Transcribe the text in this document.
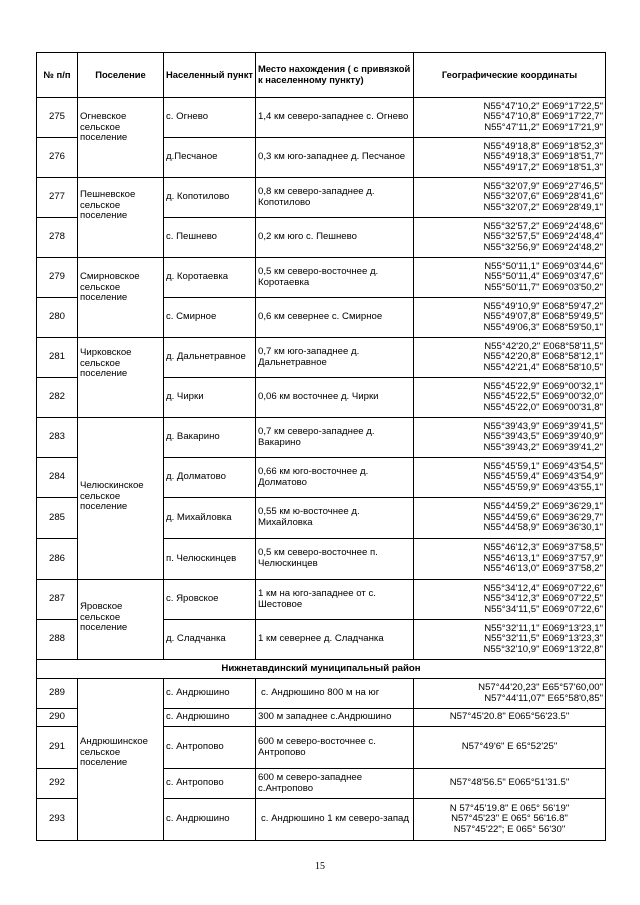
№ п/п	Поселение	Населенный пункт	Место нахождения ( с привязкой к населенному пункту)	Географические координаты
275	Огневское сельское поселение	с. Огнево	1,4 км северо-западнее с. Огнево	N55°47'10,2" E069°17'22,5"
N55°47'10,8" E069°17'22,7"
N55°47'11,2" E069°17'21,9"
276		д.Песчаное	0,3 км юго-западнее д. Песчаное	N55°49'18,8" E069°18'52,3"
N55°49'18,3" E069°18'51,7"
N55°49'17,2" E069°18'51,3"
277	Пешневское сельское поселение	д. Копотилово	0,8 км северо-западнее д. Копотилово	N55°32'07,9" E069°27'46,5"
N55°32'07,6" E069°28'41,6"
N55°32'07,2" E069°28'49,1"
278		с. Пешнево	0,2 км юго с. Пешнево	N55°32'57,2" E069°24'48,6"
N55°32'57,5" E069°24'48,4"
N55°32'56,9" E069°24'48,2"
279	Смирновское сельское поселение	д. Коротаевка	0,5 км северо-восточнее д. Коротаевка	N55°50'11,1" E069°03'44,6"
N55°50'11,4" E069°03'47,6"
N55°50'11,7" E069°03'50,2"
280		с. Смирное	0,6 км севернее с. Смирное	N55°49'10,9" E068°59'47,2"
N55°49'07,8" E068°59'49,5"
N55°49'06,3" E068°59'50,1"
281	Чирковское сельское поселение	д. Дальнетравное	0,7 км юго-западнее д. Дальнетравное	N55°42'20,2" E068°58'11,5"
N55°42'20,8" E068°58'12,1"
N55°42'21,4" E068°58'10,5"
282		д. Чирки	0,06 км восточнее д. Чирки	N55°45'22,9" E069°00'32,1"
N55°45'22,5" E069°00'32,0"
N55°45'22,0" E069°00'31,8"
283	Челюскинское сельское поселение	д. Вакарино	0,7 км северо-западнее д. Вакарино	N55°39'43,9" E069°39'41,5"
N55°39'43,5" E069°39'40,9"
N55°39'43,2" E069°39'41,2"
284		д. Долматово	0,66 км юго-восточнее д. Долматово	N55°45'59,1" E069°43'54,5"
N55°45'59,4" E069°43'54,9"
N55°45'59,9" E069°43'55,1"
285		д. Михайловка	0,55 км ю-восточнее д. Михайловка	N55°44'59,2" E069°36'29,1"
N55°44'59,6" E069°36'29,7"
N55°44'58,9" E069°36'30,1"
286		п. Челюскинцев	0,5 км северо-восточнее п. Челюскинцев	N55°46'12,3" E069°37'58,5"
N55°46'13,1" E069°37'57,9"
N55°46'13,0" E069°37'58,2"
287	Яровское сельское поселение	с. Яровское	1 км на юго-западнее от с. Шестовое	N55°34'12,4" E069°07'22,6"
N55°34'12,3" E069°07'22,5"
N55°34'11,5" E069°07'22,6"
288		д. Сладчанка	1 км севернее д. Сладчанка	N55°32'11,1" E069°13'23,1"
N55°32'11,5" E069°13'23,3"
N55°32'10,9" E069°13'22,8"
Нижнетавдинский муниципальный район				
289	Андрюшинское сельское поселение	с. Андрюшино	с. Андрюшино 800 м на юг	N57°44'20,23" E65°57'60,00"
N57°44'11,07" E65°58'0,85"
290		с. Андрюшино	300 м западнее с.Андрюшино	N57°45'20.8" E065°56'23.5"
291		с. Антропово	600 м северо-восточнее с. Антропово	N57°49'6" E 65°52'25"
292		с. Антропово	600 м северо-западнее с.Антропово	N57°48'56.5" E065°51'31.5"
293		с. Андрюшино	с. Андрюшино 1 км северо-запад	N 57°45'19.8" E 065° 56'19"
N57°45'23" E 065° 56'16.8"
N57°45'22"; E 065° 56'30"
15
